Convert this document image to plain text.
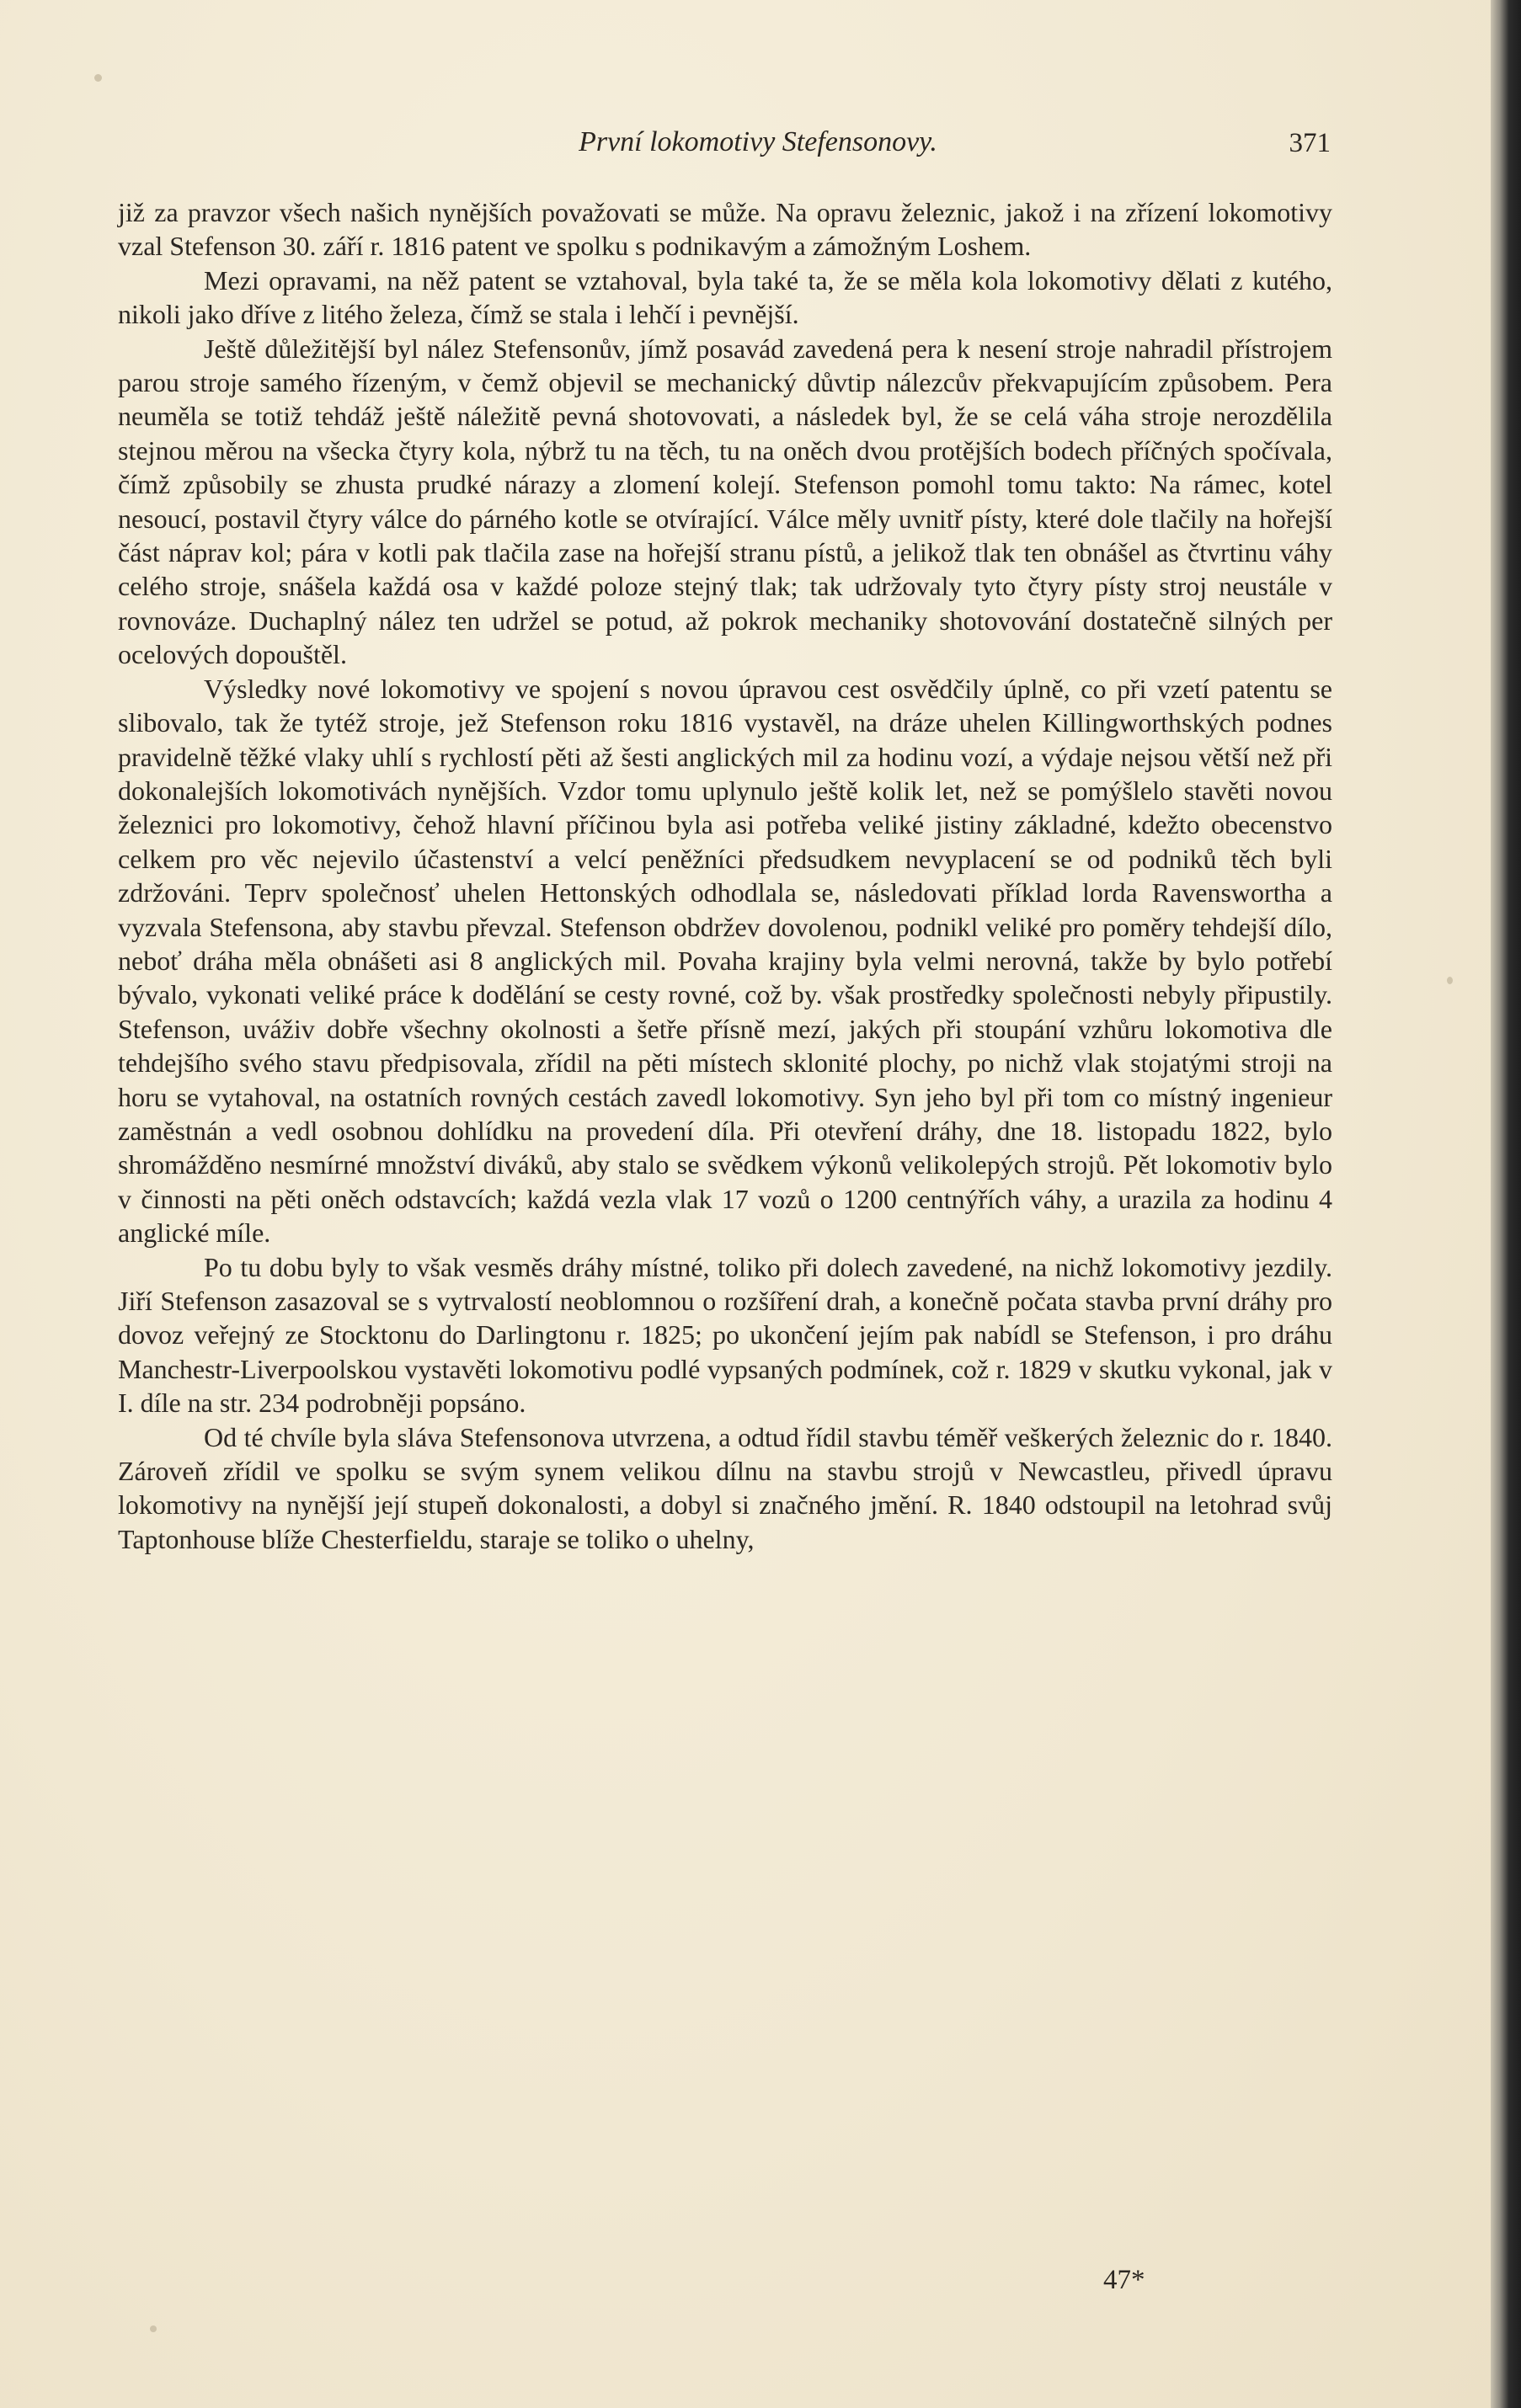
První lokomotivy Stefensonovy.	371

již za pravzor všech našich nynějších považovati se může. Na opravu železnic, jakož i na zřízení lokomotivy vzal Stefenson 30. září r. 1816 patent ve spolku s podnikavým a zámožným Loshem.

Mezi opravami, na něž patent se vztahoval, byla také ta, že se měla kola lokomotivy dělati z kutého, nikoli jako dříve z litého železa, čímž se stala i lehčí i pevnější.

Ještě důležitější byl nález Stefensonův, jímž posavád zavedená pera k nesení stroje nahradil přístrojem parou stroje samého řízeným, v čemž objevil se mechanický důvtip nálezcův překvapujícím způsobem. Pera neuměla se totiž tehdáž ještě náležitě pevná shotovovati, a následek byl, že se celá váha stroje nerozdělila stejnou měrou na všecka čtyry kola, nýbrž tu na těch, tu na oněch dvou protějších bodech příčných spočívala, čímž způsobily se zhusta prudké nárazy a zlomení kolejí. Stefenson pomohl tomu takto: Na rámec, kotel nesoucí, postavil čtyry válce do párného kotle se otvírající. Válce měly uvnitř písty, které dole tlačily na hořejší část náprav kol; pára v kotli pak tlačila zase na hořejší stranu pístů, a jelikož tlak ten obnášel as čtvrtinu váhy celého stroje, snášela každá osa v každé poloze stejný tlak; tak udržovaly tyto čtyry písty stroj neustále v rovnováze. Duchaplný nález ten udržel se potud, až pokrok mechaniky shotovování dostatečně silných per ocelových dopouštěl.

Výsledky nové lokomotivy ve spojení s novou úpravou cest osvědčily úplně, co při vzetí patentu se slibovalo, tak že tytéž stroje, jež Stefenson roku 1816 vystavěl, na dráze uhelen Killingworthských podnes pravidelně těžké vlaky uhlí s rychlostí pěti až šesti anglických mil za hodinu vozí, a výdaje nejsou větší než při dokonalejších lokomotivách nynějších. Vzdor tomu uplynulo ještě kolik let, než se pomýšlelo stavěti novou železnici pro lokomotivy, čehož hlavní příčinou byla asi potřeba veliké jistiny základné, kdežto obecenstvo celkem pro věc nejevilo účastenství a velcí peněžníci předsudkem nevyplacení se od podniků těch byli zdržováni. Teprv společnosť uhelen Hettonských odhodlala se, následovati příklad lorda Ravenswortha a vyzvala Stefensona, aby stavbu převzal. Stefenson obdržev dovolenou, podnikl veliké pro poměry tehdejší dílo, neboť dráha měla obnášeti asi 8 anglických mil. Povaha krajiny byla velmi nerovná, takže by bylo potřebí bývalo, vykonati veliké práce k dodělání se cesty rovné, což by. však prostředky společnosti nebyly připustily. Stefenson, uváživ dobře všechny okolnosti a šetře přísně mezí, jakých při stoupání vzhůru lokomotiva dle tehdejšího svého stavu předpisovala, zřídil na pěti místech sklonité plochy, po nichž vlak stojatými stroji na horu se vytahoval, na ostatních rovných cestách zavedl lokomotivy. Syn jeho byl při tom co místný ingenieur zaměstnán a vedl osobnou dohlídku na provedení díla. Při otevření dráhy, dne 18. listopadu 1822, bylo shromážděno nesmírné množství diváků, aby stalo se svědkem výkonů velikolepých strojů. Pět lokomotiv bylo v činnosti na pěti oněch odstavcích; každá vezla vlak 17 vozů o 1200 centnýřích váhy, a urazila za hodinu 4 anglické míle.

Po tu dobu byly to však vesměs dráhy místné, toliko při dolech zavedené, na nichž lokomotivy jezdily. Jiří Stefenson zasazoval se s vytrvalostí neoblomnou o rozšíření drah, a konečně počata stavba první dráhy pro dovoz veřejný ze Stocktonu do Darlingtonu r. 1825; po ukončení jejím pak nabídl se Stefenson, i pro dráhu Manchestr-Liverpoolskou vystavěti lokomotivu podlé vypsaných podmínek, což r. 1829 v skutku vykonal, jak v I. díle na str. 234 podrobněji popsáno.

Od té chvíle byla sláva Stefensonova utvrzena, a odtud řídil stavbu téměř veškerých železnic do r. 1840. Zároveň zřídil ve spolku se svým synem velikou dílnu na stavbu strojů v Newcastleu, přivedl úpravu lokomotivy na nynější její stupeň dokonalosti, a dobyl si značného jmění. R. 1840 odstoupil na letohrad svůj Taptonhouse blíže Chesterfieldu, staraje se toliko o uhelny,

47*
